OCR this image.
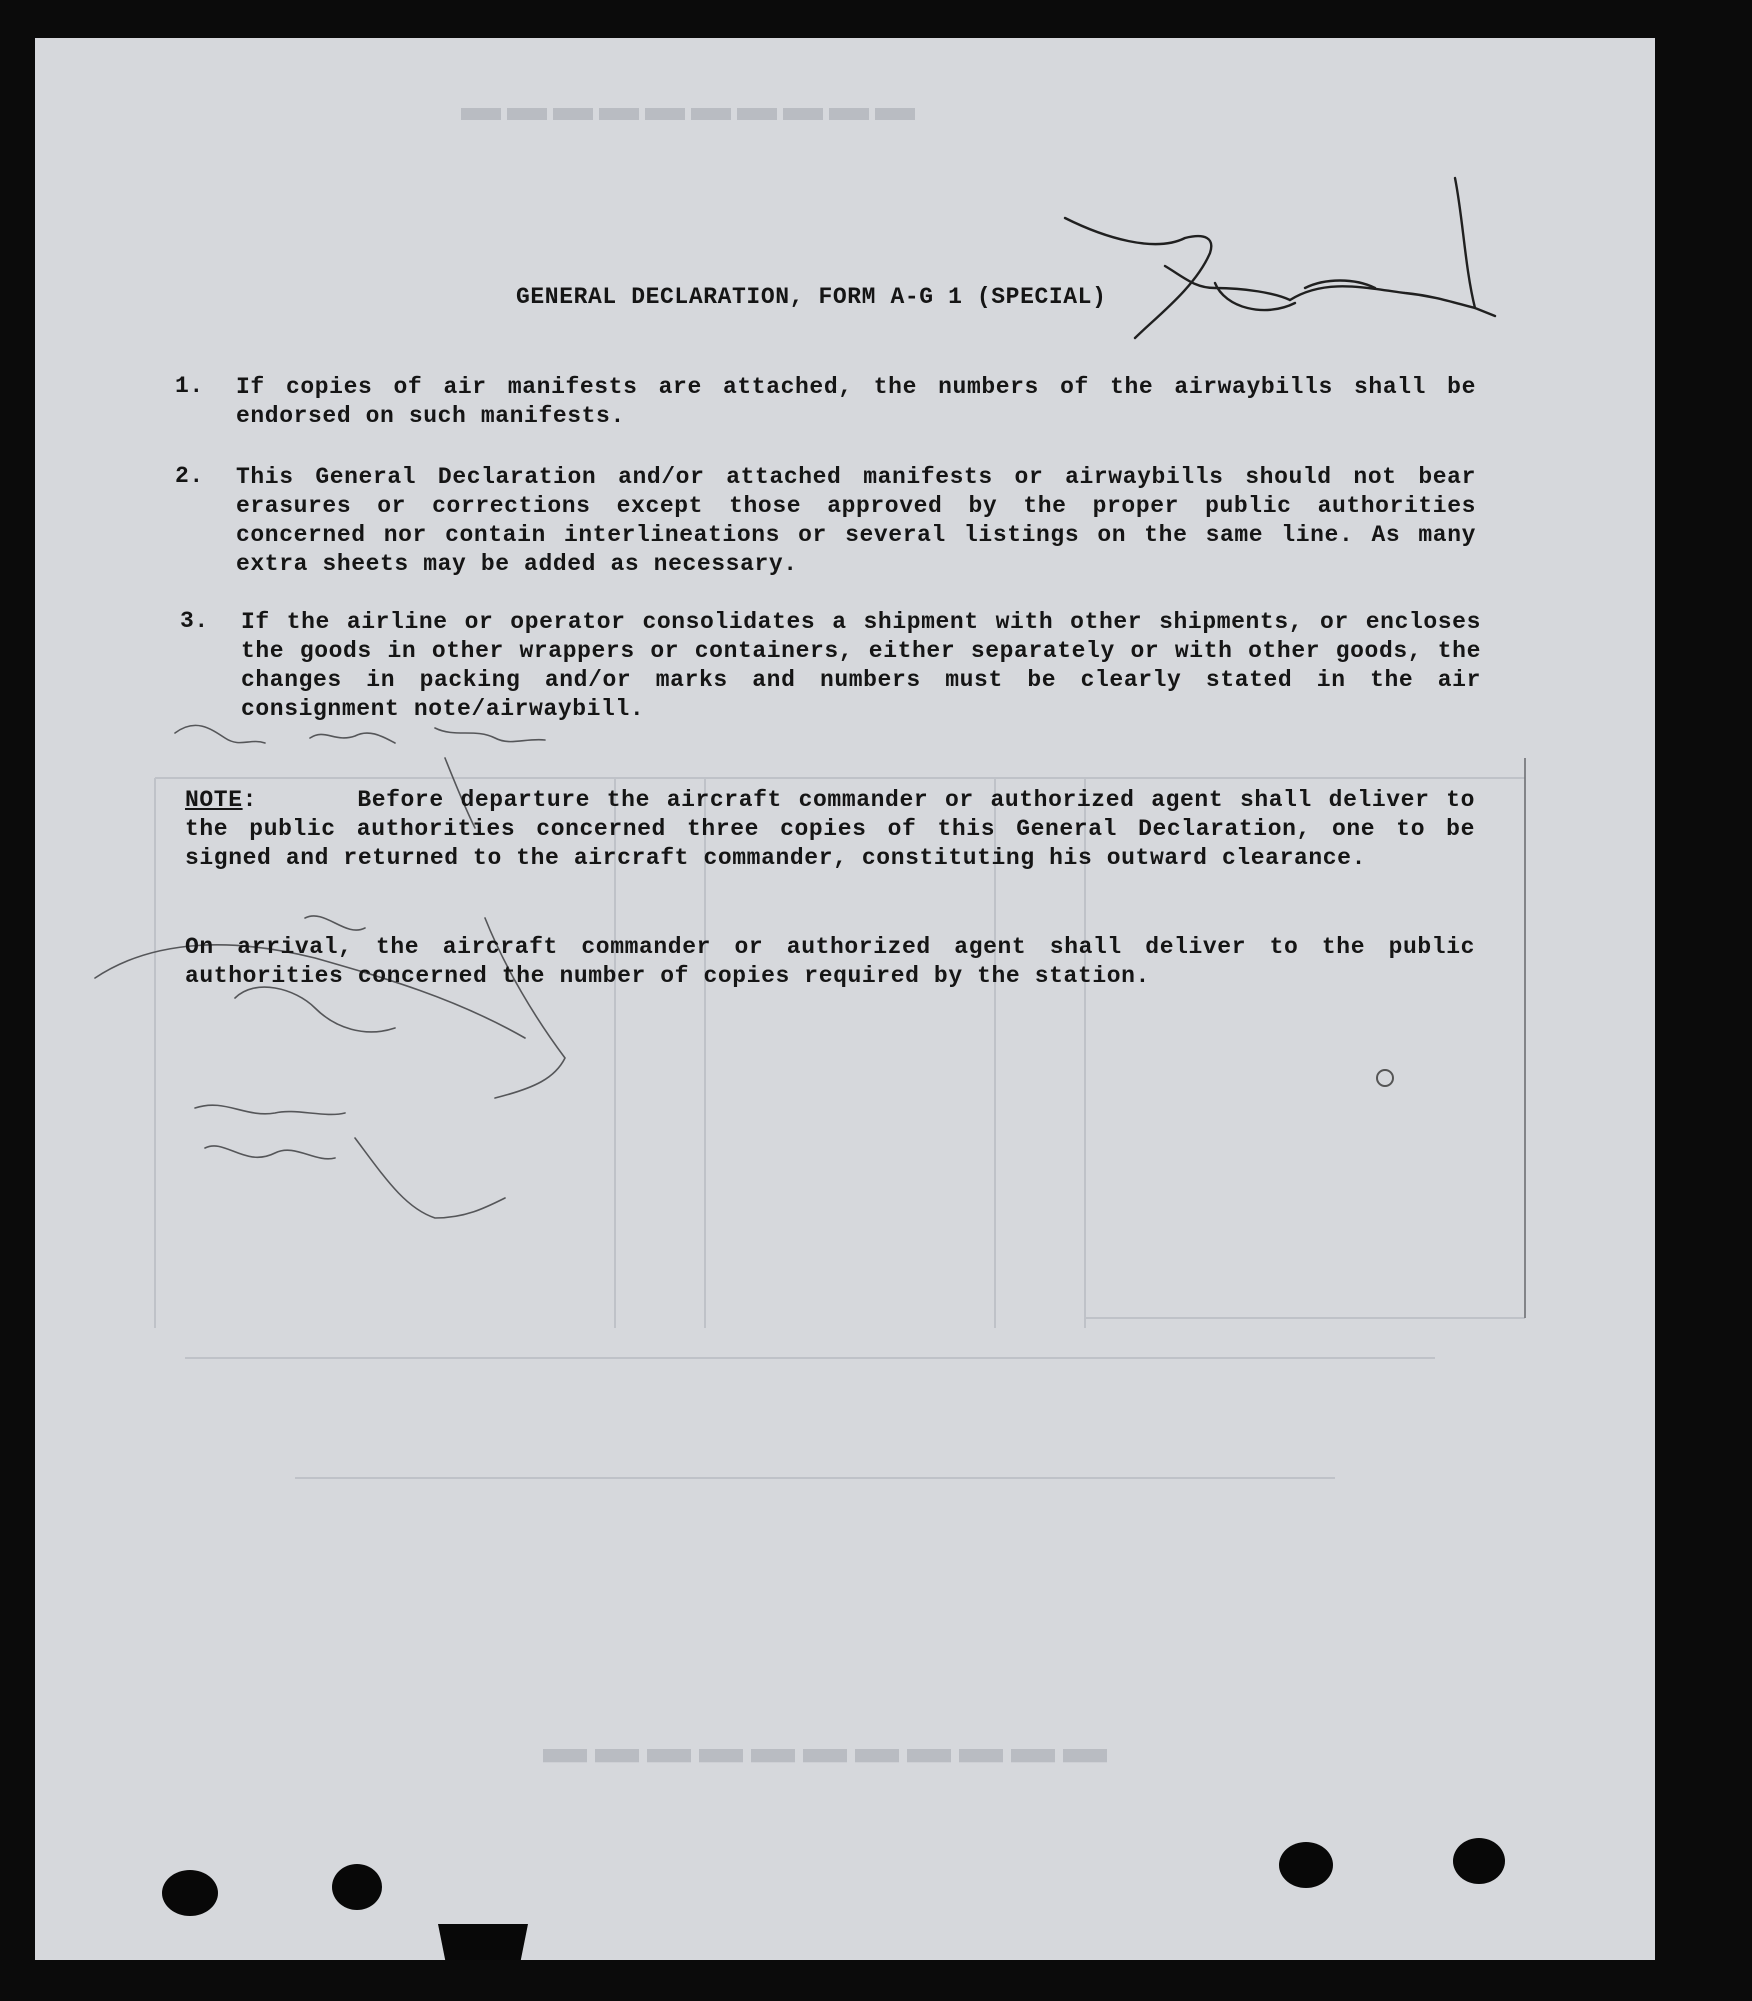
▬▬▬▬▬▬▬▬▬▬
▬▬▬▬▬▬▬▬▬▬▬
GENERAL DECLARATION, FORM A-G 1 (SPECIAL)
1.	If copies of air manifests are attached, the numbers of the airwaybills shall be endorsed on such manifests.
2.	This General Declaration and/or attached manifests or airwaybills should not bear erasures or corrections except those approved by the proper public authorities concerned nor contain interlineations or several listings on the same line. As many extra sheets may be added as necessary.
3.	If the airline or operator consolidates a shipment with other shipments, or encloses the goods in other wrappers or containers, either separately or with other goods, the changes in packing and/or marks and numbers must be clearly stated in the air consignment note/airwaybill.
NOTE:	Before departure the aircraft commander or authorized agent shall deliver to the public authorities concerned three copies of this General Declaration, one to be signed and returned to the aircraft commander, constituting his outward clearance.
On arrival, the aircraft commander or authorized agent shall deliver to the public authorities concerned the number of copies required by the station.
